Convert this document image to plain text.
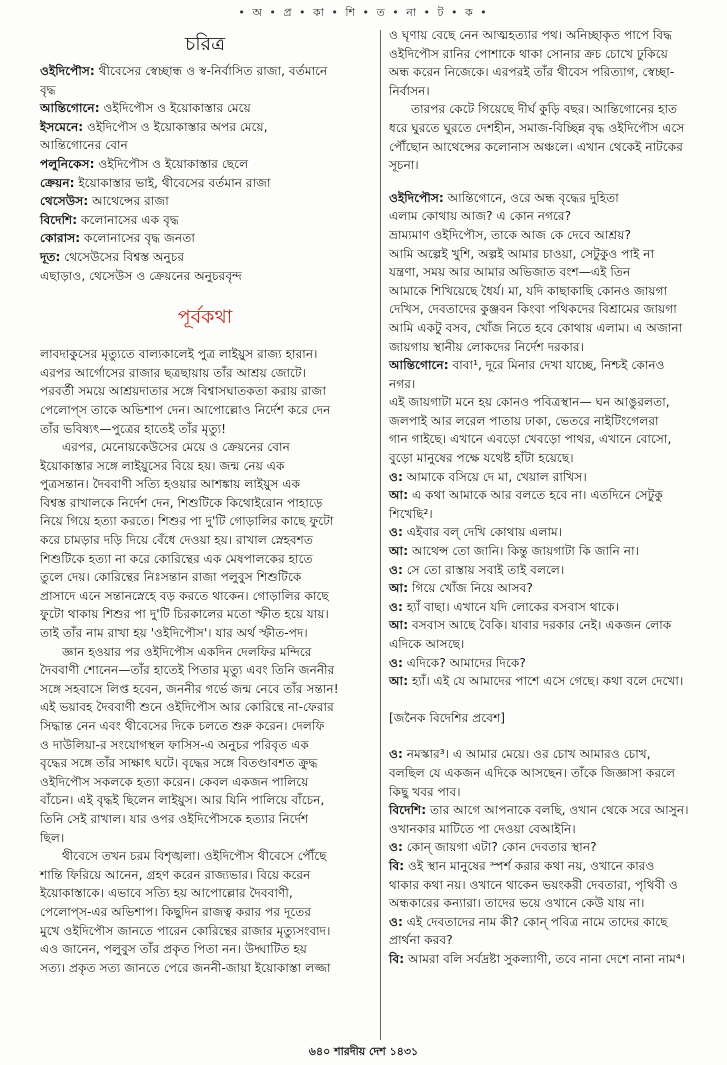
• অ • প্র • কা • শি • ত • না • ট • ক •
চরিত্র
ওইদিপৌস: থীবেসের স্বেচ্ছান্ধ ও স্ব-নির্বাসিত রাজা, বর্তমানে
বৃদ্ধ
আন্তিগোনে: ওইদিপৌস ও ইয়োকাস্তার মেয়ে
ইসমেনে: ওইদিপৌস ও ইয়োকাস্তার অপর মেয়ে,
আন্তিগোনের বোন
পলুনিকেস: ওইদিপৌস ও ইয়োকাস্তার ছেলে
ক্রেয়ন: ইয়োকাস্তার ভাই, থীবেসের বর্তমান রাজা
থেসেউস: আথেন্সের রাজা
বিদেশি: কলোনাসের এক বৃদ্ধ
কোরাস: কলোনাসের বৃদ্ধ জনতা
দূত: থেসেউসের বিশ্বস্ত অনুচর
এছাড়াও, থেসেউস ও ক্রেয়নের অনুচরবৃন্দ
পূর্বকথা
লাবদাকুসের মৃত্যুতে বাল্যকালেই পুত্র লাইয়ুস রাজ্য হারান।
এরপর আর্গোসের রাজার ছত্রছায়ায় তাঁর আশ্রয় জোটে।
পরবর্তী সময়ে আশ্রয়দাতার সঙ্গে বিশ্বাসঘাতকতা করায় রাজা
পেলোপ্‌স তাকে অভিশাপ দেন। আপোল্লোও নির্দেশ করে দেন
তাঁর ভবিষ্যৎ—পুত্রের হাতেই তাঁর মৃত্যু!
এরপর, মেনোয়কেউসের মেয়ে ও ক্রেয়নের বোন
ইয়োকাস্তার সঙ্গে লাইয়ুসের বিয়ে হয়। জন্ম নেয় এক
পুত্রসন্তান। দৈববাণী সত্যি হওয়ার আশঙ্কায় লাইয়ুস এক
বিশ্বস্ত রাখালকে নির্দেশ দেন, শিশুটিকে কিথোইরোন পাহাড়ে
নিয়ে গিয়ে হত্যা করতে। শিশুর পা দু'টি গোড়ালির কাছে ফুটো
করে চামড়ার দড়ি দিয়ে বেঁধে দেওয়া হয়। রাখাল স্নেহবশত
শিশুটিকে হত্যা না করে কোরিন্থের এক মেষপালকের হাতে
তুলে দেয়। কোরিন্থের নিঃসন্তান রাজা পলুবুস শিশুটিকে
প্রাসাদে এনে সন্তানস্নেহে বড় করতে থাকেন। গোড়ালির কাছে
ফুটো থাকায় শিশুর পা দু'টি চিরকালের মতো স্ফীত হয়ে যায়।
তাই তাঁর নাম রাখা হয় 'ওইদিপৌস'। যার অর্থ স্ফীত-পদ।
জ্ঞান হওয়ার পর ওইদিপৌস একদিন দেলফির মন্দিরে
দৈববাণী শোনেন—তাঁর হাতেই পিতার মৃত্যু এবং তিনি জননীর
সঙ্গে সহবাসে লিপ্ত হবেন, জননীর গর্ভে জন্ম নেবে তাঁর সন্তান!
এই ভয়াবহ দৈববাণী শুনে ওইদিপৌস আর কোরিন্থে না-ফেরার
সিদ্ধান্ত নেন এবং থীবেসের দিকে চলতে শুরু করেন। দেলফি
ও দাউলিয়া-র সংযোগস্থল ফাসিস-এ অনুচর পরিবৃত এক
বৃদ্ধের সঙ্গে তাঁর সাক্ষাৎ ঘটে। বৃদ্ধের সঙ্গে বিতণ্ডাবশত ক্রুদ্ধ
ওইদিপৌস সকলকে হত্যা করেন। কেবল একজন পালিয়ে
বাঁচেন। এই বৃদ্ধই ছিলেন লাইয়ুস। আর যিনি পালিয়ে বাঁচেন,
তিনি সেই রাখাল। যার ওপর ওইদিপৌসকে হত্যার নির্দেশ
ছিল।
থীবেসে তখন চরম বিশৃঙ্খলা। ওইদিপৌস থীবেসে পৌঁছে
শান্তি ফিরিয়ে আনেন, গ্রহণ করেন রাজ্যভার। বিয়ে করেন
ইয়োকাস্তাকে। এভাবে সত্যি হয় আপোল্লোর দৈববাণী,
পেলোপ্‌স-এর অভিশাপ। কিছুদিন রাজত্ব করার পর দূতের
মুখে ওইদিপৌস জানতে পারেন কোরিন্থের রাজার মৃত্যুসংবাদ।
এও জানেন, পলুবুস তাঁর প্রকৃত পিতা নন। উদ্ঘাটিত হয়
সত্য। প্রকৃত সত্য জানতে পেরে জননী-জায়া ইয়োকাস্তা লজ্জা
ও ঘৃণায় বেছে নেন আত্মহত্যার পথ। অনিচ্ছাকৃত পাপে বিদ্ধ
ওইদিপৌস রানির পোশাকে থাকা সোনার ক্রচ চোখে ঢুকিয়ে
অন্ধ করেন নিজেকে। এরপরই তাঁর থীবেস পরিত্যাগ, স্বেচ্ছা-
নির্বাসন।
তারপর কেটে গিয়েছে দীর্ঘ কুড়ি বছর। আন্তিগোনের হাত
ধরে ঘুরতে ঘুরতে দেশহীন, সমাজ-বিচ্ছিন্ন বৃদ্ধ ওইদিপৌস এসে
পৌঁছোন আথেন্সের কলোনাস অঞ্চলে। এখান থেকেই নাটকের
সূচনা।
ওইদিপৌস: আন্তিগোনে, ওরে অন্ধ বৃদ্ধের দুহিতা
এলাম কোথায় আজ? এ কোন নগরে?
ভ্রাম্যমাণ ওইদিপৌস, তাকে আজ কে দেবে আশ্রয়?
আমি অল্পেই খুশি, অল্পই আমার চাওয়া, সেটুকুও পাই না
যন্ত্রণা, সময় আর আমার অভিজাত বংশ—এই তিন
আমাকে শিখিয়েছে ধৈর্য। মা, যদি কাছাকাছি কোনও জায়গা
দেখিস, দেবতাদের কুঞ্জবন কিংবা পথিকদের বিশ্রামের জায়গা
আমি একটু বসব, খোঁজ নিতে হবে কোথায় এলাম। এ অজানা
জায়গায় স্থানীয় লোকদের নির্দেশ দরকার।
আন্তিগোনে: বাবা¹, দূরে মিনার দেখা যাচ্ছে, নিশ্চই কোনও
নগর।
এই জায়গাটা মনে হয় কোনও পবিত্রস্থান— ঘন আঙুরলতা,
জলপাই আর লরেল পাতায় ঢাকা, ভেতরে নাইটিংগেলরা
গান গাইছে। এখানে এবড়ো খেবড়ো পাথর, এখানে বোসো,
বুড়ো মানুষের পক্ষে যথেষ্ট হাঁটা হয়েছে।
ও: আমাকে বসিয়ে দে মা, খেয়াল রাখিস।
আ: এ কথা আমাকে আর বলতে হবে না। এতদিনে সেটুকু
শিখেছি²।
ও: এইবার বল্ দেখি কোথায় এলাম।
আ: আথেন্স তো জানি। কিন্তু জায়গাটা কি জানি না।
ও: সে তো রাস্তায় সবাই তাই বললে।
আ: গিয়ে খোঁজ নিয়ে আসব?
ও: হ্যাঁ বাছা। এখানে যদি লোকের বসবাস থাকে।
আ: বসবাস আছে বৈকি। যাবার দরকার নেই। একজন লোক
এদিকে আসছে।
ও: এদিকে? আমাদের দিকে?
আ: হ্যাঁ। এই যে আমাদের পাশে এসে গেছে। কথা বলে দেখো।
[জনৈক বিদেশির প্রবেশ]
ও: নমস্কার³। এ আমার মেয়ে। ওর চোখ আমারও চোখ,
বলছিল যে একজন এদিকে আসছেন। তাঁকে জিজ্ঞাসা করলে
কিছু খবর পাব।
বিদেশি: তার আগে আপনাকে বলছি, ওখান থেকে সরে আসুন।
ওখানকার মাটিতে পা দেওয়া বেআইনি।
ও: কোন্ জায়গা এটা? কোন দেবতার স্থান?
বি: ওই স্থান মানুষের স্পর্শ করার কথা নয়, ওখানে কারও
থাকার কথা নয়। ওখানে থাকেন ভয়ংকরী দেবতারা, পৃথিবী ও
অন্ধকারের কন্যারা। তাদের ভয়ে ওখানে কেউ যায় না।
ও: এই দেবতাদের নাম কী? কোন্ পবিত্র নামে তাদের কাছে
প্রার্থনা করব?
বি: আমরা বলি সর্বদ্রষ্টা সুকল্যাণী, তবে নানা দেশে নানা নাম⁴।
৬৪০ শারদীয় দেশ ১৪৩১
